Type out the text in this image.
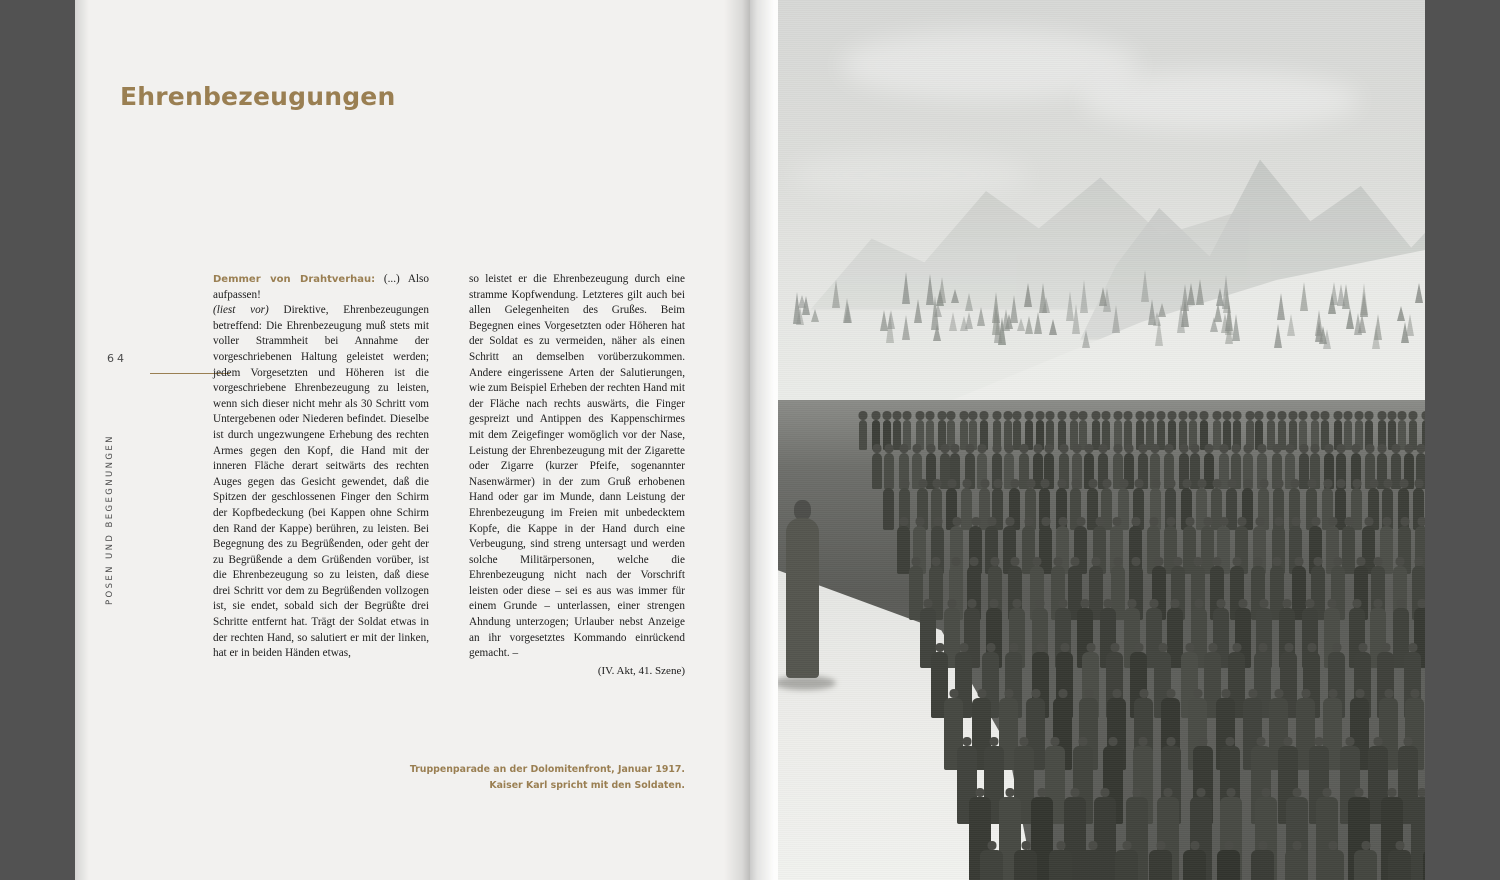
Ehrenbezeugungen
64
POSEN UND BEGEGNUNGEN
Demmer von Drahtverhau: (...) Also aufpassen!
(liest vor) Direktive, Ehrenbezeugungen betreffend: Die Ehrenbezeugung muß stets mit voller Strammheit bei Annahme der vorgeschriebenen Haltung geleistet werden; jedem Vorgesetzten und Höheren ist die vorgeschriebene Ehrenbezeugung zu leisten, wenn sich dieser nicht mehr als 30 Schritt vom Untergebenen oder Niederen befindet. Dieselbe ist durch ungezwungene Erhebung des rechten Armes gegen den Kopf, die Hand mit der inneren Fläche derart seitwärts des rechten Auges gegen das Gesicht gewendet, daß die Spitzen der geschlossenen Finger den Schirm der Kopfbedeckung (bei Kappen ohne Schirm den Rand der Kappe) berühren, zu leisten. Bei Begegnung des zu Begrüßenden, oder geht der zu Begrüßende a dem Grüßenden vorüber, ist die Ehrenbezeugung so zu leisten, daß diese drei Schritt vor dem zu Begrüßenden vollzogen ist, sie endet, sobald sich der Begrüßte drei Schritte entfernt hat. Trägt der Soldat etwas in der rechten Hand, so salutiert er mit der linken, hat er in beiden Händen etwas,
so leistet er die Ehrenbezeugung durch eine stramme Kopfwendung. Letzteres gilt auch bei allen Gelegenheiten des Grußes. Beim Begegnen eines Vorgesetzten oder Höheren hat der Soldat es zu vermeiden, näher als einen Schritt an demselben vorüberzukommen. Andere eingerissene Arten der Salutierungen, wie zum Beispiel Erheben der rechten Hand mit der Fläche nach rechts auswärts, die Finger gespreizt und Antippen des Kappenschirmes mit dem Zeigefinger womöglich vor der Nase, Leistung der Ehrenbezeugung mit der Zigarette oder Zigarre (kurzer Pfeife, sogenannter Nasenwärmer) in der zum Gruß erhobenen Hand oder gar im Munde, dann Leistung der Ehrenbezeugung im Freien mit unbedecktem Kopfe, die Kappe in der Hand durch eine Verbeugung, sind streng untersagt und werden solche Militärpersonen, welche die Ehrenbezeugung nicht nach der Vorschrift leisten oder diese – sei es aus was immer für einem Grunde – unterlassen, einer strengen Ahndung unterzogen; Urlauber nebst Anzeige an ihr vorgesetztes Kommando einrückend gemacht. –
(IV. Akt, 41. Szene)
Truppenparade an der Dolomitenfront, Januar 1917.
Kaiser Karl spricht mit den Soldaten.
